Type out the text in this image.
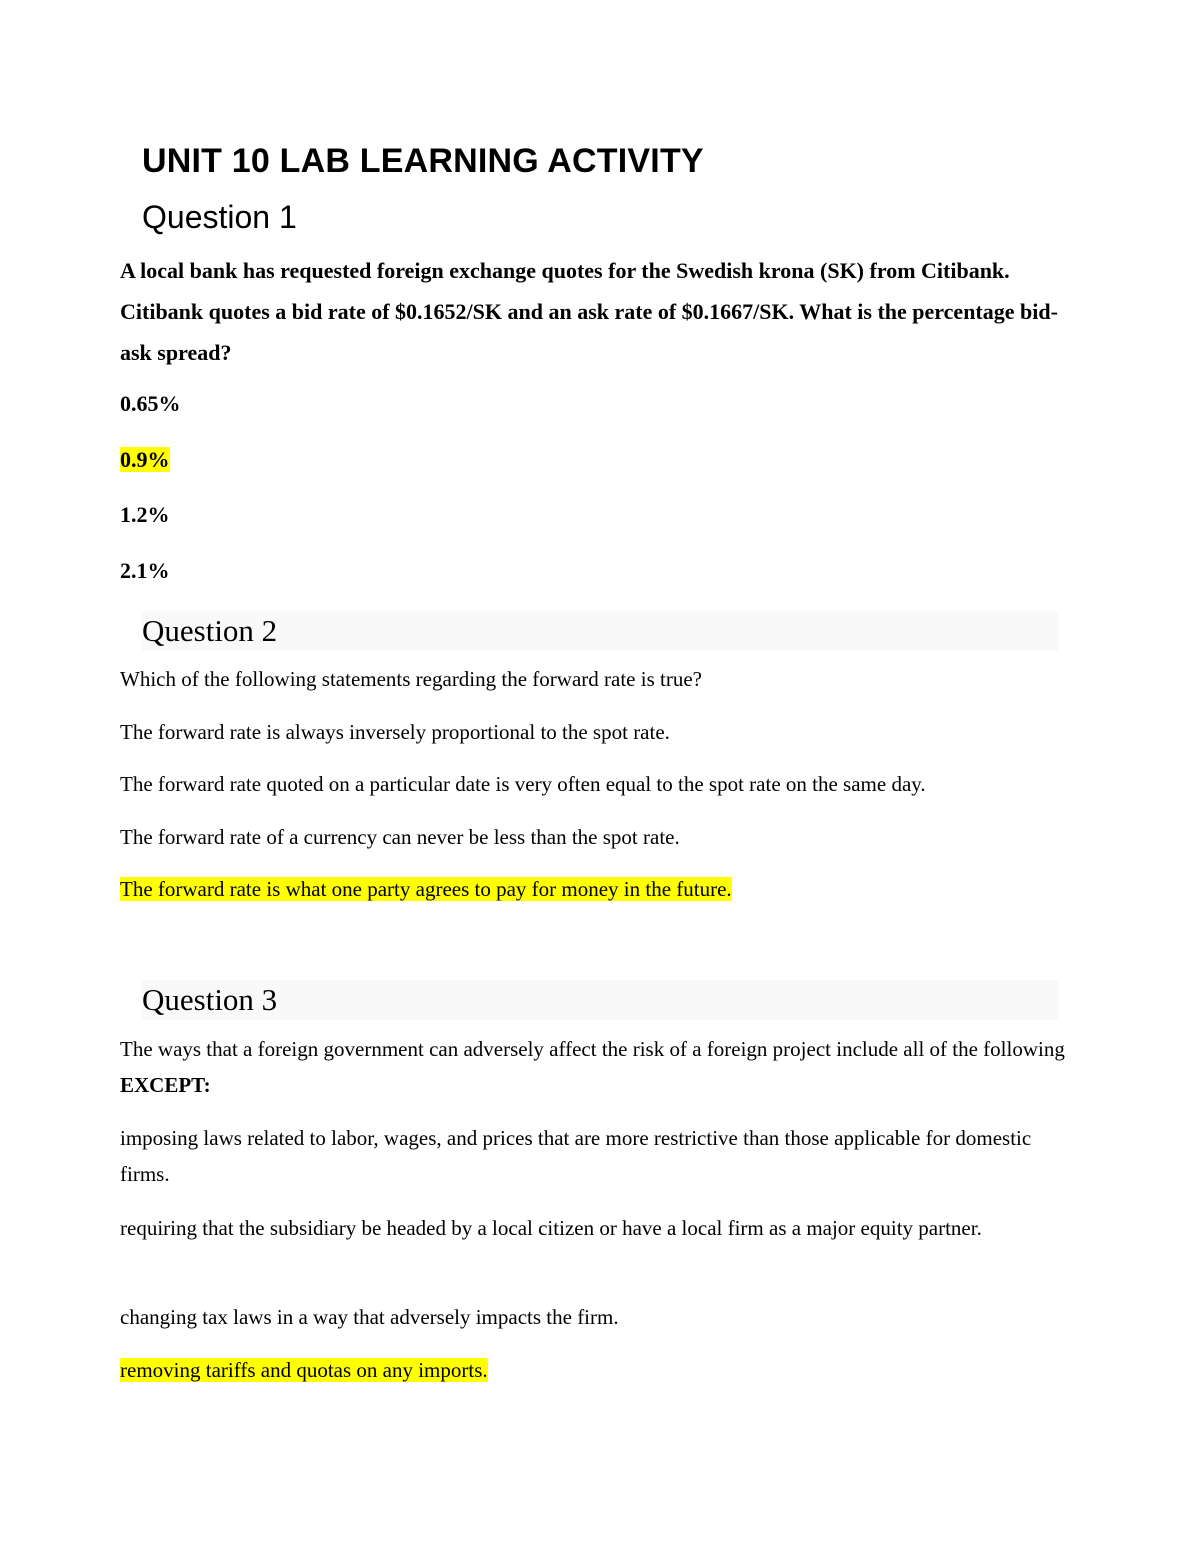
UNIT 10 LAB LEARNING ACTIVITY
Question 1

A local bank has requested foreign exchange quotes for the Swedish krona (SK) from Citibank. Citibank quotes a bid rate of $0.1652/SK and an ask rate of $0.1667/SK. What is the percentage bid-ask spread?

0.65%

0.9%

1.2%

2.1%

Question 2

Which of the following statements regarding the forward rate is true?

The forward rate is always inversely proportional to the spot rate.

The forward rate quoted on a particular date is very often equal to the spot rate on the same day.

The forward rate of a currency can never be less than the spot rate.

The forward rate is what one party agrees to pay for money in the future.

Question 3

The ways that a foreign government can adversely affect the risk of a foreign project include all of the following EXCEPT:

imposing laws related to labor, wages, and prices that are more restrictive than those applicable for domestic firms.

requiring that the subsidiary be headed by a local citizen or have a local firm as a major equity partner.

changing tax laws in a way that adversely impacts the firm.

removing tariffs and quotas on any imports.
